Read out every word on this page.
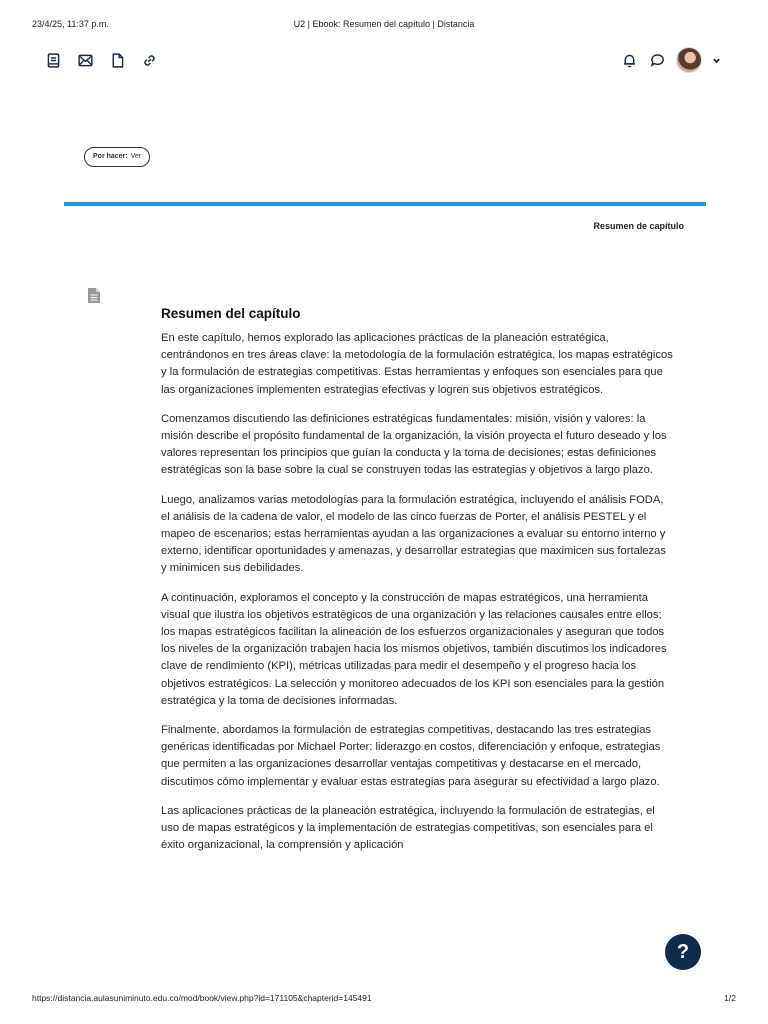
23/4/25, 11:37 p.m.	U2 | Ebook: Resumen del capítulo | Distancia
Por hacer: Ver
Resumen de capítulo
Resumen del capítulo

En este capítulo, hemos explorado las aplicaciones prácticas de la planeación estratégica, centrándonos en tres áreas clave: la metodología de la formulación estratégica, los mapas estratégicos y la formulación de estrategias competitivas. Estas herramientas y enfoques son esenciales para que las organizaciones implementen estrategias efectivas y logren sus objetivos estratégicos.

Comenzamos discutiendo las definiciones estratégicas fundamentales: misión, visión y valores: la misión describe el propósito fundamental de la organización, la visión proyecta el futuro deseado y los valores representan los principios que guían la conducta y la toma de decisiones; estas definiciones estratégicas son la base sobre la cual se construyen todas las estrategias y objetivos a largo plazo.

Luego, analizamos varias metodologías para la formulación estratégica, incluyendo el análisis FODA, el análisis de la cadena de valor, el modelo de las cinco fuerzas de Porter, el análisis PESTEL y el mapeo de escenarios; estas herramientas ayudan a las organizaciones a evaluar su entorno interno y externo, identificar oportunidades y amenazas, y desarrollar estrategias que maximicen sus fortalezas y minimicen sus debilidades.

A continuación, exploramos el concepto y la construcción de mapas estratégicos, una herramienta visual que ilustra los objetivos estratégicos de una organización y las relaciones causales entre ellos; los mapas estratégicos facilitan la alineación de los esfuerzos organizacionales y aseguran que todos los niveles de la organización trabajen hacia los mismos objetivos, también discutimos los indicadores clave de rendimiento (KPI), métricas utilizadas para medir el desempeño y el progreso hacia los objetivos estratégicos. La selección y monitoreo adecuados de los KPI son esenciales para la gestión estratégica y la toma de decisiones informadas.

Finalmente, abordamos la formulación de estrategias competitivas, destacando las tres estrategias genéricas identificadas por Michael Porter: liderazgo en costos, diferenciación y enfoque, estrategias que permiten a las organizaciones desarrollar ventajas competitivas y destacarse en el mercado, discutimos cómo implementar y evaluar estas estrategias para asegurar su efectividad a largo plazo.

Las aplicaciones prácticas de la planeación estratégica, incluyendo la formulación de estrategias, el uso de mapas estratégicos y la implementación de estrategias competitivas, son esenciales para el éxito organizacional, la comprensión y aplicación

?
https://distancia.aulasuniminuto.edu.co/mod/book/view.php?id=171105&chapterid=145491	1/2
